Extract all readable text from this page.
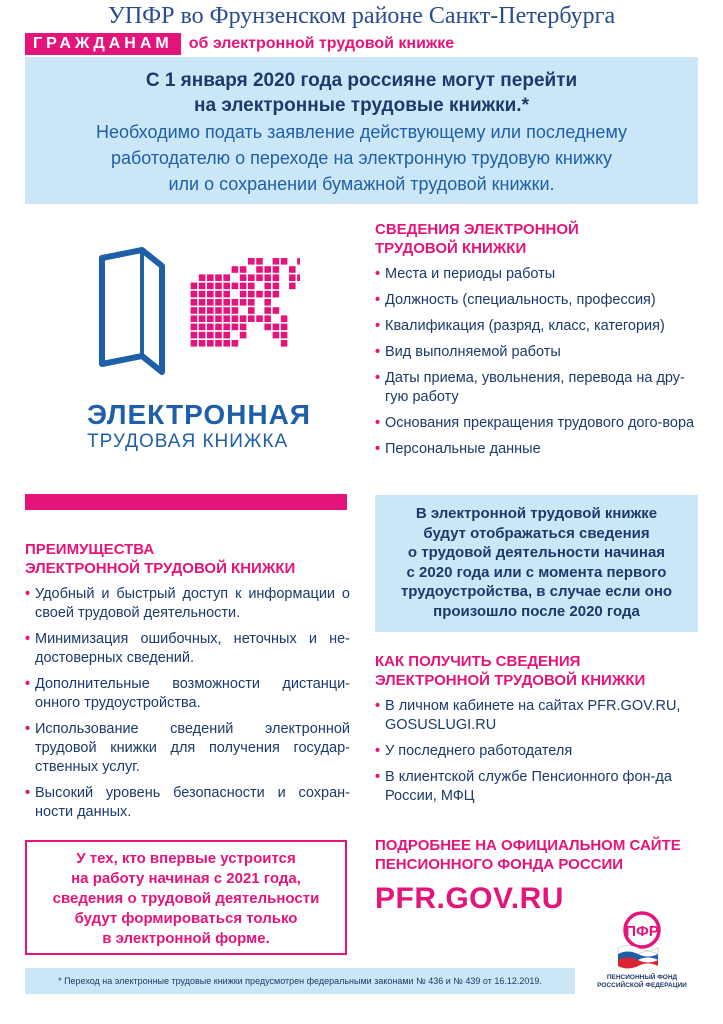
УПФР во Фрунзенском районе Санкт-Петербурга
ГРАЖДАНАМ	об электронной трудовой книжке
С 1 января 2020 года россияне могут перейти
на электронные трудовые книжки.*
Необходимо подать заявление действующему или последнему
работодателю о переходе на электронную трудовую книжку
или о сохранении бумажной трудовой книжки.
ЭЛЕКТРОННАЯ
ТРУДОВАЯ КНИЖКА
СВЕДЕНИЯ ЭЛЕКТРОННОЙ
ТРУДОВОЙ КНИЖКИ
• Места и периоды работы
• Должность (специальность, профессия)
• Квалификация (разряд, класс, категория)
• Вид выполняемой работы
• Даты приема, увольнения, перевода на дру-гую работу
• Основания прекращения трудового дого-вора
• Персональные данные
В электронной трудовой книжке
будут отображаться сведения
о трудовой деятельности начиная
с 2020 года или с момента первого
трудоустройства, в случае если оно
произошло после 2020 года
ПРЕИМУЩЕСТВА
ЭЛЕКТРОННОЙ ТРУДОВОЙ КНИЖКИ
• Удобный и быстрый доступ к информации о своей трудовой деятельности.
• Минимизация ошибочных, неточных и не-достоверных сведений.
• Дополнительные возможности дистанци-онного трудоустройства.
• Использование сведений электронной трудовой книжки для получения государ-ственных услуг.
• Высокий уровень безопасности и сохран-ности данных.
КАК ПОЛУЧИТЬ СВЕДЕНИЯ
ЭЛЕКТРОННОЙ ТРУДОВОЙ КНИЖКИ
• В личном кабинете на сайтах PFR.GOV.RU, GOSUSLUGI.RU
• У последнего работодателя
• В клиентской службе Пенсионного фон-да России, МФЦ
У тех, кто впервые устроится
на работу начиная с 2021 года,
сведения о трудовой деятельности
будут формироваться только
в электронной форме.
ПОДРОБНЕЕ НА ОФИЦИАЛЬНОМ САЙТЕ
ПЕНСИОННОГО ФОНДА РОССИИ
PFR.GOV.RU
ПФР
ПЕНСИОННЫЙ ФОНД
РОССИЙСКОЙ ФЕДЕРАЦИИ
* Переход на электронные трудовые книжки предусмотрен федеральными законами № 436 и № 439 от 16.12.2019.
